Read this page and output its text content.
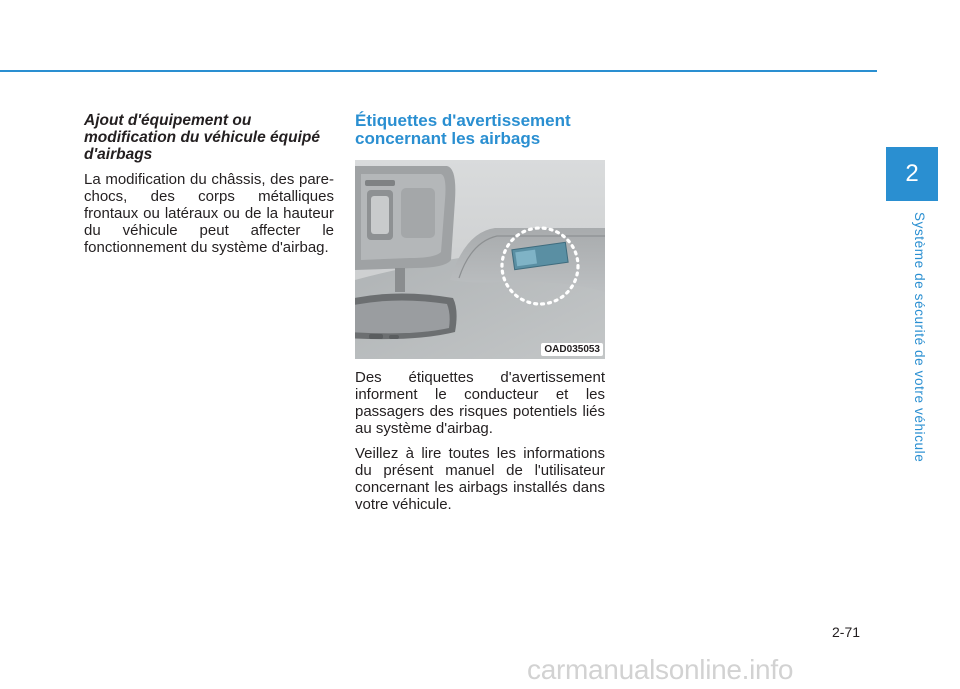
2
Système de sécurité de votre véhicule

Ajout d'équipement ou modification du véhicule équipé d'airbags

La modification du châssis, des pare-chocs, des corps métalliques frontaux ou latéraux ou de la hauteur du véhicule peut affecter le fonctionnement du système d'airbag.

Étiquettes d'avertissement concernant les airbags
OAD035053

Des étiquettes d'avertissement informent le conducteur et les passagers des risques potentiels liés au système d'airbag.

Veillez à lire toutes les informations du présent manuel de l'utilisateur concernant les airbags installés dans votre véhicule.

2-71
carmanualsonline.info
